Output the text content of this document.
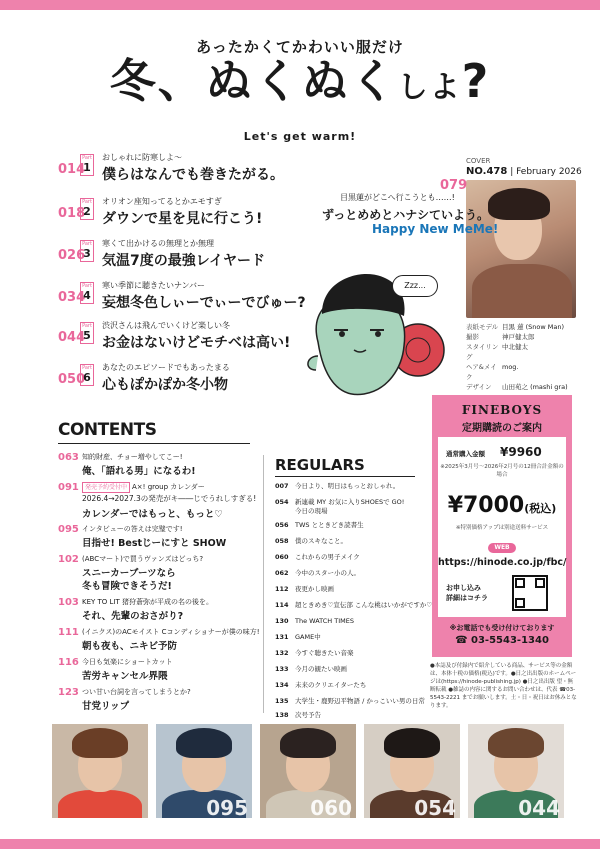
あったかくてかわいい服だけ
冬、ぬくぬくしよ?
Let's get warm!
014
Part
1
おしゃれに防寒しよ〜
僕らはなんでも巻きたがる。
018
Part
2
オリオン座知ってるとかエモすぎ
ダウンで星を見に行こう!
026
Part
3
寒くて出かけるの無理とか無理
気温7度の最強レイヤード
034
Part
4
寒い季節に聴きたいナンバー
妄想冬色しぃーでぃーでびゅー?
044
Part
5
渋沢さんは飛んでいくけど楽しい冬
お金はないけどモチベは高い!
050
Part
6
あなたのエピソードでもあったまる
心もぽかぽか冬小物
COVER
NO.478 | February 2026
表紙モデル 目黒 蓮 (Snow Man)
撮影	神戸健太郎
スタイリング
中北健太
ヘア&メイク
mog.
デザイン	山田苑之 (mashi gra)
079
目黒蓮がどこへ行こうとも……!
ずっとめめとハナシていよう。
Happy New MeMe!
Zzz...
CONTENTS
063 知的財産、チョー増やしてこー!
俺、「語れる男」になるわ!
091	発売予約受付中 A×! group カレンダー
2026.4→2027.3の発売がキ――じでうれしすぎる!
カレンダーではもっと、もっと♡
095 インタビューの答えは完璧です!
目指せ! Bestじーにすと SHOW
102 (ABCマート)で買うヴァンズはどっち?
スニーカーブーツなら
冬も冒険できそうだ!
103 KEY TO LIT 猪狩蒼弥が平成の名の後を。
それ、先輩のおさがり?
111 (イニクス)のACモイスト Cコンディショナーが僕の味方!
朝も夜も、ニキビ予防
116 今日も気楽にショートカット
苦労キャンセル界隈
123 つい甘い台詞を言ってしまうとか?
甘党リップ
REGULARS
007 今日より、明日はもっとおしゃれ。
054 新連載 MY お気に入りSHOESで GO!
今日の現場
056 TWS とときどき読書生
058 僕のスキなこと。
060 これからの男子メイク
062 今中のスター小の人。
112 夜更かし映画
114 超ときめき♡宣伝部 こんな桃はいかがですか♡
130 The WATCH TIMES
131 GAME中
132 今すぐ聴きたい音楽
133 今月の観たい映画
134 未来のクリエイターたち
135 大学生・鹿野辺平物語 / かっこいい男の日常
138 次号予告
FINEBOYS
定期購読のご案内
通常購入金額 ¥9960
※2025年3月号〜2026年2月号の12冊合計金額の場合
¥7000(税込)
※特別価格アップは別途送料サービス
WEB
https://hinode.co.jp/fbc/
お申し込み
詳細はコチラ
※お電話でも受け付けております
☎ 03-5543-1340
●本誌及び付録内で紹介している商品、サービス等の金額は、本体十税の価格(税込)です。●日之出出版のホームページは(https://hinode-publishing.jp) ●日之出出版 望・無断転載 ●雑誌の内容に関するお問い合わせは、代表 ☎03-5543-2221 までお願いします。土・日・祝日はお休みとなります。
095	060	054	044
